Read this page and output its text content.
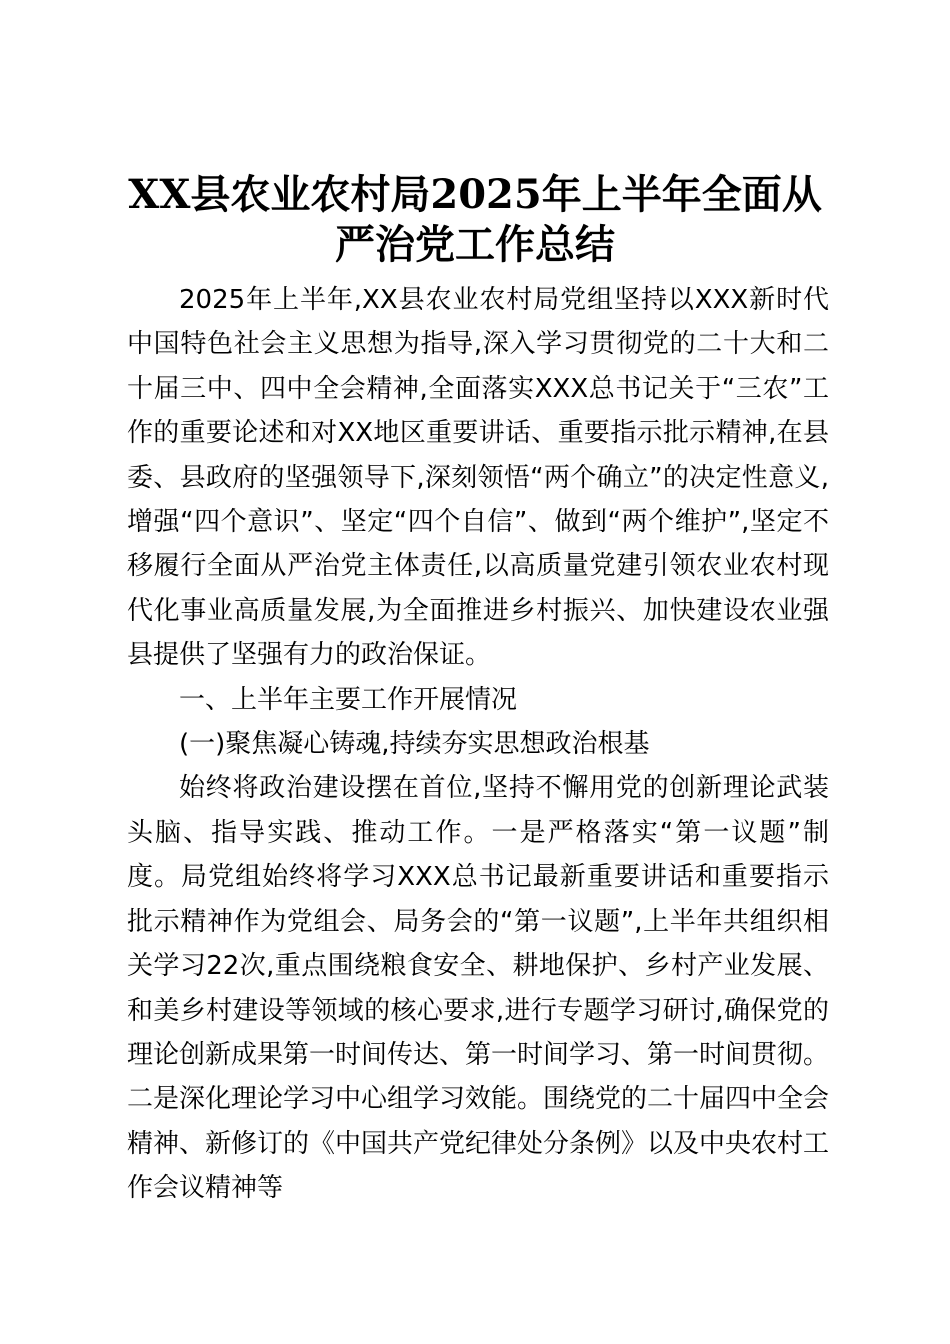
XX县农业农村局2025年上半年全面从严治党工作总结

2025年上半年,XX县农业农村局党组坚持以XXX新时代中国特色社会主义思想为指导,深入学习贯彻党的二十大和二十届三中、四中全会精神,全面落实XXX总书记关于“三农”工作的重要论述和对XX地区重要讲话、重要指示批示精神,在县委、县政府的坚强领导下,深刻领悟“两个确立”的决定性意义,增强“四个意识”、坚定“四个自信”、做到“两个维护”,坚定不移履行全面从严治党主体责任,以高质量党建引领农业农村现代化事业高质量发展,为全面推进乡村振兴、加快建设农业强县提供了坚强有力的政治保证。

一、上半年主要工作开展情况

(一)聚焦凝心铸魂,持续夯实思想政治根基

始终将政治建设摆在首位,坚持不懈用党的创新理论武装头脑、指导实践、推动工作。一是严格落实“第一议题”制度。局党组始终将学习XXX总书记最新重要讲话和重要指示批示精神作为党组会、局务会的“第一议题”,上半年共组织相关学习22次,重点围绕粮食安全、耕地保护、乡村产业发展、和美乡村建设等领域的核心要求,进行专题学习研讨,确保党的理论创新成果第一时间传达、第一时间学习、第一时间贯彻。二是深化理论学习中心组学习效能。围绕党的二十届四中全会精神、新修订的《中国共产党纪律处分条例》以及中央农村工作会议精神等
